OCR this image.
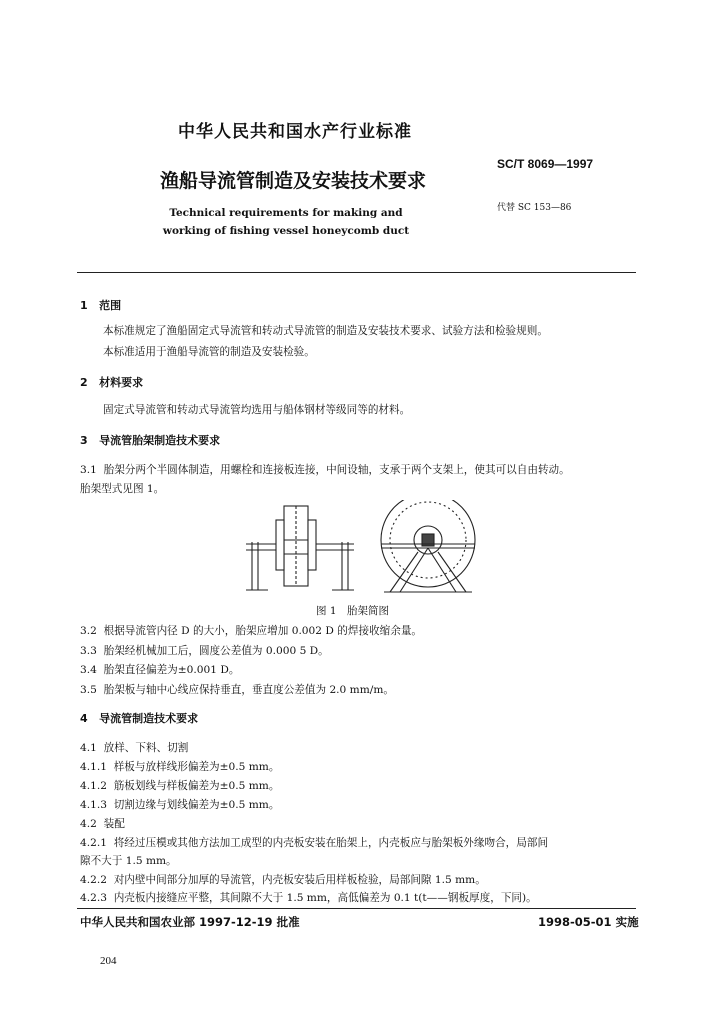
中华人民共和国水产行业标准
渔船导流管制造及安装技术要求
Technical requirements for making and
working of fishing vessel honeycomb duct
SC/T 8069—1997
代替 SC 153—86
1 范围
本标准规定了渔船固定式导流管和转动式导流管的制造及安装技术要求、试验方法和检验规则。
本标准适用于渔船导流管的制造及安装检验。
2 材料要求
固定式导流管和转动式导流管均选用与船体钢材等级同等的材料。
3 导流管胎架制造技术要求
3.1 胎架分两个半圆体制造，用螺栓和连接板连接，中间设轴，支承于两个支架上，使其可以自由转动。
胎架型式见图 1。
图 1　胎架简图
3.2 根据导流管内径 D 的大小，胎架应增加 0.002 D 的焊接收缩余量。
3.3 胎架经机械加工后，圆度公差值为 0.000 5 D。
3.4 胎架直径偏差为±0.001 D。
3.5 胎架板与轴中心线应保持垂直，垂直度公差值为 2.0 mm/m。
4 导流管制造技术要求
4.1 放样、下料、切割
4.1.1 样板与放样线形偏差为±0.5 mm。
4.1.2 筋板划线与样板偏差为±0.5 mm。
4.1.3 切割边缘与划线偏差为±0.5 mm。
4.2 装配
4.2.1 将经过压模或其他方法加工成型的内壳板安装在胎架上，内壳板应与胎架板外缘吻合，局部间
隙不大于 1.5 mm。
4.2.2 对内壁中间部分加厚的导流管，内壳板安装后用样板检验，局部间隙 1.5 mm。
4.2.3 内壳板内接缝应平整，其间隙不大于 1.5 mm，高低偏差为 0.1 t(t——钢板厚度，下同)。
中华人民共和国农业部 1997-12-19 批准	1998-05-01 实施
204
